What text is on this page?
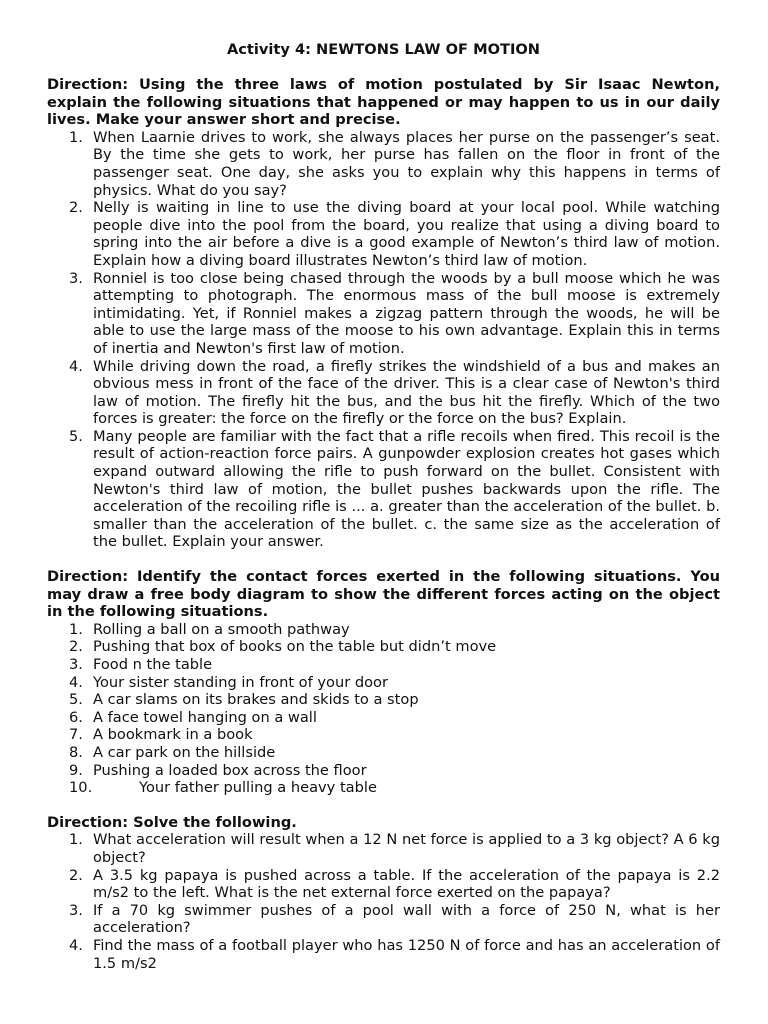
Activity 4: NEWTONS LAW OF MOTION

Direction: Using the three laws of motion postulated by Sir Isaac Newton, explain the following situations that happened or may happen to us in our daily lives. Make your answer short and precise.

1. When Laarnie drives to work, she always places her purse on the passenger’s seat. By the time she gets to work, her purse has fallen on the floor in front of the passenger seat. One day, she asks you to explain why this happens in terms of physics. What do you say?
2. Nelly is waiting in line to use the diving board at your local pool. While watching people dive into the pool from the board, you realize that using a diving board to spring into the air before a dive is a good example of Newton’s third law of motion. Explain how a diving board illustrates Newton’s third law of motion.
3. Ronniel is too close being chased through the woods by a bull moose which he was attempting to photograph. The enormous mass of the bull moose is extremely intimidating. Yet, if Ronniel makes a zigzag pattern through the woods, he will be able to use the large mass of the moose to his own advantage. Explain this in terms of inertia and Newton's first law of motion.
4. While driving down the road, a firefly strikes the windshield of a bus and makes an obvious mess in front of the face of the driver. This is a clear case of Newton's third law of motion. The firefly hit the bus, and the bus hit the firefly. Which of the two forces is greater: the force on the firefly or the force on the bus? Explain.
5. Many people are familiar with the fact that a rifle recoils when fired. This recoil is the result of action-reaction force pairs. A gunpowder explosion creates hot gases which expand outward allowing the rifle to push forward on the bullet. Consistent with Newton's third law of motion, the bullet pushes backwards upon the rifle. The acceleration of the recoiling rifle is ... a. greater than the acceleration of the bullet. b. smaller than the acceleration of the bullet. c. the same size as the acceleration of the bullet. Explain your answer.

Direction: Identify the contact forces exerted in the following situations. You may draw a free body diagram to show the different forces acting on the object in the following situations.

1. Rolling a ball on a smooth pathway
2. Pushing that box of books on the table but didn’t move
3. Food n the table
4. Your sister standing in front of your door
5. A car slams on its brakes and skids to a stop
6. A face towel hanging on a wall
7. A bookmark in a book
8. A car park on the hillside
9. Pushing a loaded box across the floor
10.	Your father pulling a heavy table

Direction: Solve the following.

1. What acceleration will result when a 12 N net force is applied to a 3 kg object? A 6 kg object?
2. A 3.5 kg papaya is pushed across a table. If the acceleration of the papaya is 2.2 m/s2 to the left. What is the net external force exerted on the papaya?
3. If a 70 kg swimmer pushes of a pool wall with a force of 250 N, what is her acceleration?
4. Find the mass of a football player who has 1250 N of force and has an acceleration of 1.5 m/s2
